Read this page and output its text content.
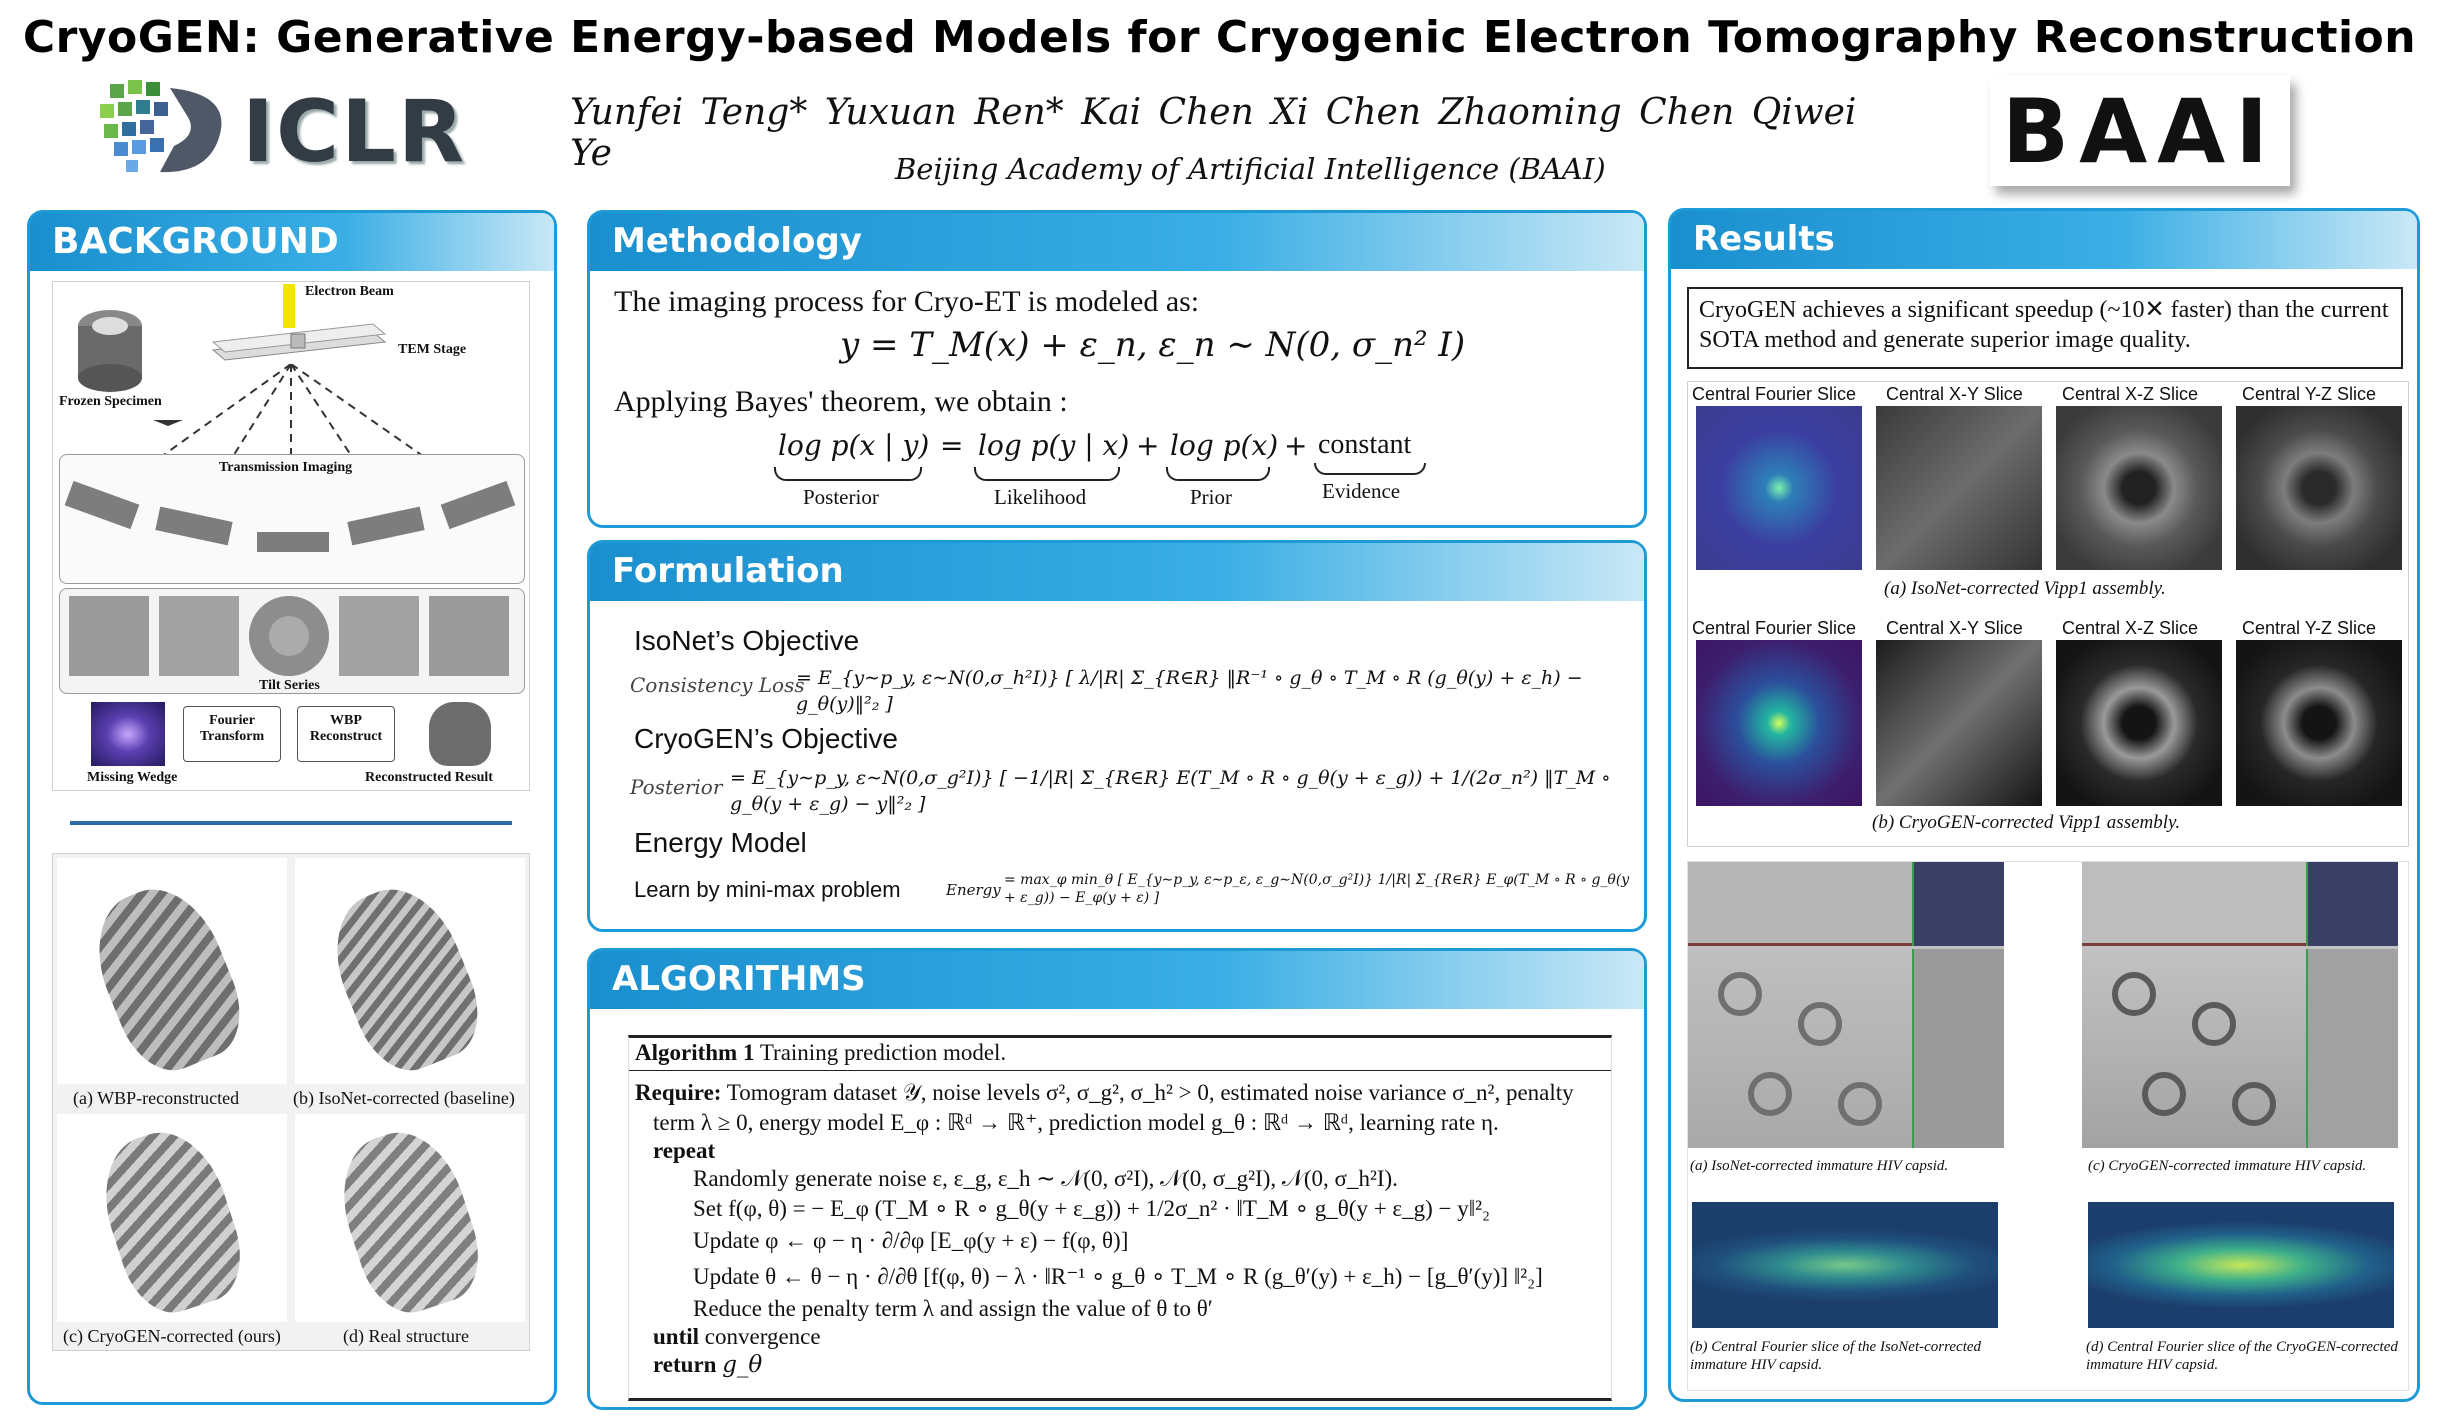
CryoGEN: Generative Energy-based Models for Cryogenic Electron Tomography Reconstruction
ICLR	Yunfei Teng* Yuxuan Ren* Kai Chen Xi Chen Zhaoming Chen Qiwei Ye	Beijing Academy of Artificial Intelligence (BAAI)	BAAI
BACKGROUND
Electron Beam
TEM Stage
Frozen Specimen
Transmission Imaging
Tilt Series
Missing Wedge
Fourier Transform
WBP Reconstruct
Reconstructed Result
(a) WBP-reconstructed	(b) IsoNet-corrected (baseline)
(c) CryoGEN-corrected (ours)	(d) Real structure
Methodology
The imaging process for Cryo-ET is modeled as:
y = T_M(x) + ε_n, ε_n ∼ N(0, σ_n² I)
Applying Bayes' theorem, we obtain :
log p(x | y) = log p(y | x) + log p(x) + constant
Posterior	Likelihood	Prior	Evidence
Formulation
IsoNet’s Objective
Consistency Loss
= E_{y∼p_y, ε∼N(0,σ_h²I)} [ λ/|R| Σ_{R∈R} ‖R⁻¹ ∘ g_θ ∘ T_M ∘ R (g_θ(y) + ε_h) − g_θ(y)‖²₂ ]
CryoGEN’s Objective
Posterior = E_{y∼p_y, ε∼N(0,σ_g²I)} [ −1/|R| Σ_{R∈R} E(T_M ∘ R ∘ g_θ(y + ε_g)) + 1/(2σ_n²) ‖T_M ∘ g_θ(y + ε_g) − y‖²₂ ]
Energy Model
Learn by mini-max problem	Energy
= max_φ min_θ [ E_{y∼p_y, ε∼p_ε, ε_g∼N(0,σ_g²I)} 1/|R| Σ_{R∈R} E_φ(T_M ∘ R ∘ g_θ(y + ε_g)) − E_φ(y + ε) ]
ALGORITHMS
Algorithm 1 Training prediction model.
Require: Tomogram dataset 𝒴, noise levels σ², σ_g², σ_h² > 0, estimated noise variance σ_n², penalty
term λ ≥ 0, energy model E_φ : ℝᵈ → ℝ⁺, prediction model g_θ : ℝᵈ → ℝᵈ, learning rate η.
repeat
Randomly generate noise ε, ε_g, ε_h ∼ 𝒩(0, σ²I), 𝒩(0, σ_g²I), 𝒩(0, σ_h²I).
Set f(φ, θ) = − E_φ (T_M ∘ R ∘ g_θ(y + ε_g)) + 1/2σ_n² · ‖T_M ∘ g_θ(y + ε_g) − y‖²₂
Update φ ← φ − η · ∂/∂φ [E_φ(y + ε) − f(φ, θ)]
Update θ ← θ − η · ∂/∂θ [f(φ, θ) − λ · ‖R⁻¹ ∘ g_θ ∘ T_M ∘ R (g_θ′(y) + ε_h) − [g_θ′(y)] ‖²₂]
Reduce the penalty term λ and assign the value of θ to θ′
until convergence
return g_θ
Results
CryoGEN achieves a significant speedup (~10✕ faster) than the current SOTA method and generate superior image quality.
Central Fourier Slice Central X-Y Slice Central X-Z Slice Central Y-Z Slice
(a) IsoNet-corrected Vipp1 assembly.
Central Fourier Slice Central X-Y Slice Central X-Z Slice Central Y-Z Slice
(b) CryoGEN-corrected Vipp1 assembly.
(a) IsoNet-corrected immature HIV capsid.	(c) CryoGEN-corrected immature HIV capsid.
(b) Central Fourier slice of the IsoNet-corrected immature HIV capsid.
(d) Central Fourier slice of the CryoGEN-corrected immature HIV capsid.
